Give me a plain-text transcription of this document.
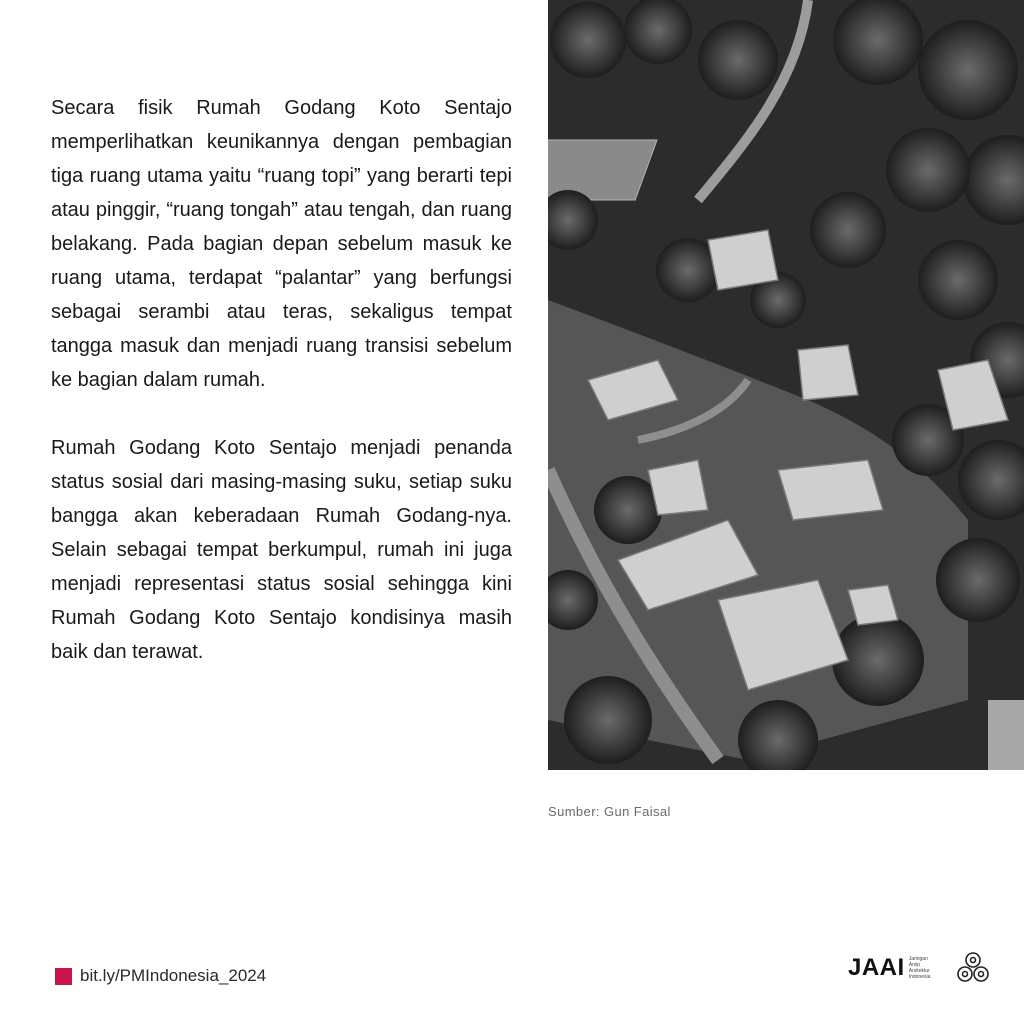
Secara fisik Rumah Godang Koto Sentajo memperlihatkan keunikannya dengan pembagian tiga ruang utama yaitu “ruang topi” yang berarti tepi atau pinggir, “ruang tongah” atau tengah, dan ruang belakang. Pada bagian depan sebelum masuk ke ruang utama, terdapat “palantar” yang berfungsi sebagai serambi atau teras, sekaligus tempat tangga masuk dan menjadi ruang transisi sebelum ke bagian dalam rumah.

Rumah Godang Koto Sentajo menjadi penanda status sosial dari masing-masing suku, setiap suku bangga akan keberadaan Rumah Godang-nya. Selain sebagai tempat berkumpul, rumah ini juga menjadi representasi status sosial sehingga kini Rumah Godang Koto Sentajo kondisinya masih baik dan terawat.

Sumber: Gun Faisal
bit.ly/PMIndonesia_2024	JAAI Jaringan
Arsip
Arsitektur
Indonesia
